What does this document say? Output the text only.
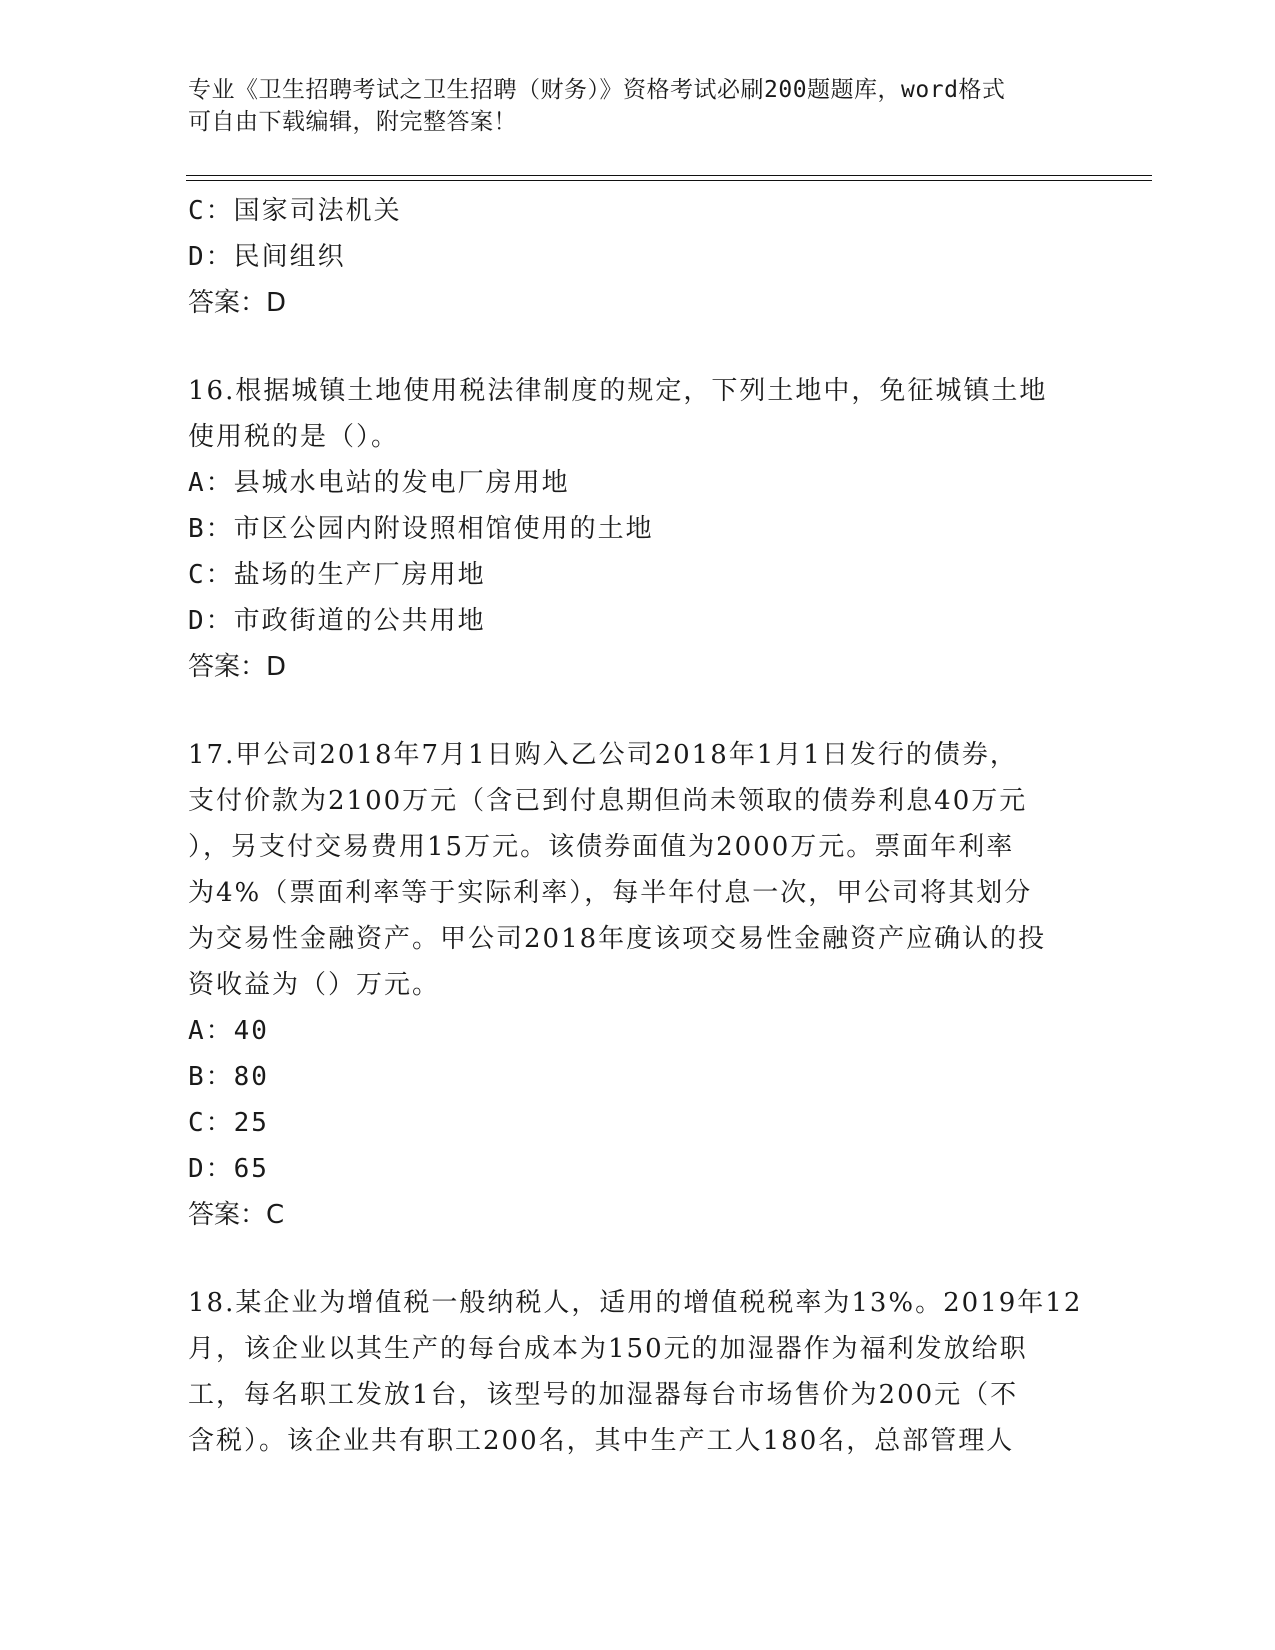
专业《卫生招聘考试之卫生招聘（财务）》资格考试必刷200题题库，word格式
可自由下载编辑，附完整答案！
C：国家司法机关
D：民间组织
答案：D
16.根据城镇土地使用税法律制度的规定，下列土地中，免征城镇土地
使用税的是（）。
A：县城水电站的发电厂房用地
B：市区公园内附设照相馆使用的土地
C：盐场的生产厂房用地
D：市政街道的公共用地
答案：D
17.甲公司2018年7月1日购入乙公司2018年1月1日发行的债券，
支付价款为2100万元（含已到付息期但尚未领取的债券利息40万元
），另支付交易费用15万元。该债券面值为2000万元。票面年利率
为4%（票面利率等于实际利率），每半年付息一次，甲公司将其划分
为交易性金融资产。甲公司2018年度该项交易性金融资产应确认的投
资收益为（）万元。
A：40
B：80
C：25
D：65
答案：C
18.某企业为增值税一般纳税人，适用的增值税税率为13%。2019年12
月，该企业以其生产的每台成本为150元的加湿器作为福利发放给职
工，每名职工发放1台，该型号的加湿器每台市场售价为200元（不
含税）。该企业共有职工200名，其中生产工人180名，总部管理人
